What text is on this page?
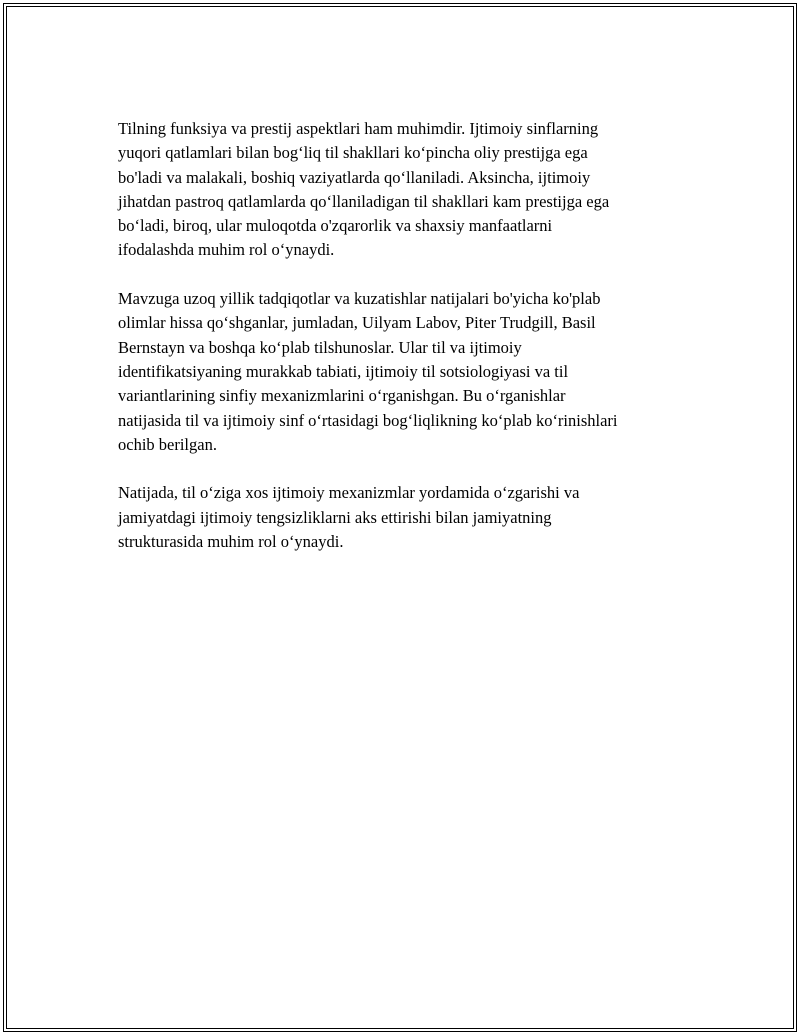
Tilning funksiya va prestij aspektlari ham muhimdir. Ijtimoiy sinflarning
yuqori qatlamlari bilan bog‘liq til shakllari ko‘pincha oliy prestijga ega
bo'ladi va malakali, boshiq vaziyatlarda qo‘llaniladi. Aksincha, ijtimoiy
jihatdan pastroq qatlamlarda qo‘llaniladigan til shakllari kam prestijga ega
bo‘ladi, biroq, ular muloqotda o'zqarorlik va shaxsiy manfaatlarni
ifodalashda muhim rol o‘ynaydi.

Mavzuga uzoq yillik tadqiqotlar va kuzatishlar natijalari bo'yicha ko'plab
olimlar hissa qo‘shganlar, jumladan, Uilyam Labov, Piter Trudgill, Basil
Bernstayn va boshqa ko‘plab tilshunoslar. Ular til va ijtimoiy
identifikatsiyaning murakkab tabiati, ijtimoiy til sotsiologiyasi va til
variantlarining sinfiy mexanizmlarini o‘rganishgan. Bu o‘rganishlar
natijasida til va ijtimoiy sinf o‘rtasidagi bog‘liqlikning ko‘plab ko‘rinishlari
ochib berilgan.

Natijada, til o‘ziga xos ijtimoiy mexanizmlar yordamida o‘zgarishi va
jamiyatdagi ijtimoiy tengsizliklarni aks ettirishi bilan jamiyatning
strukturasida muhim rol o‘ynaydi.
